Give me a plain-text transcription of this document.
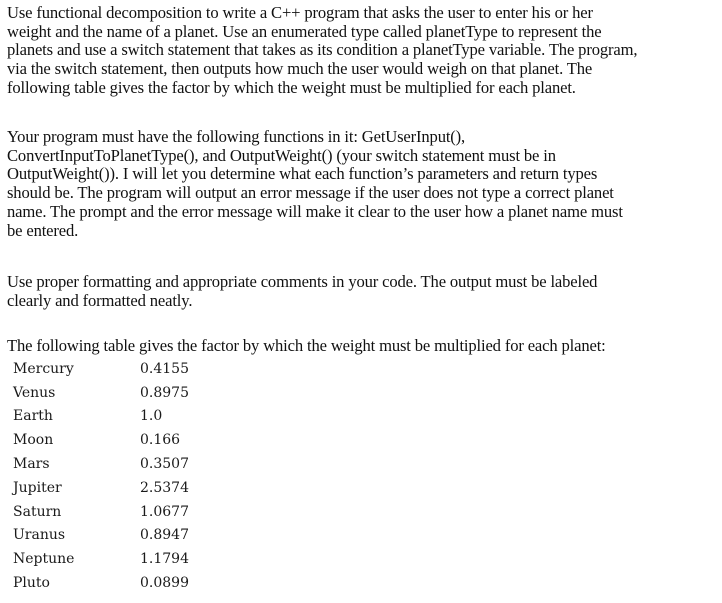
Use functional decomposition to write a C++ program that asks the user to enter his or her
weight and the name of a planet. Use an enumerated type called planetType to represent the
planets and use a switch statement that takes as its condition a planetType variable. The program,
via the switch statement, then outputs how much the user would weigh on that planet. The
following table gives the factor by which the weight must be multiplied for each planet.

Your program must have the following functions in it: GetUserInput(),
ConvertInputToPlanetType(), and OutputWeight() (your switch statement must be in
OutputWeight()). I will let you determine what each function’s parameters and return types
should be. The program will output an error message if the user does not type a correct planet
name. The prompt and the error message will make it clear to the user how a planet name must
be entered.

Use proper formatting and appropriate comments in your code. The output must be labeled
clearly and formatted neatly.

The following table gives the factor by which the weight must be multiplied for each planet:

Mercury	0.4155
Venus	0.8975
Earth	1.0
Moon	0.166
Mars	0.3507
Jupiter	2.5374
Saturn	1.0677
Uranus	0.8947
Neptune	1.1794
Pluto	0.0899
